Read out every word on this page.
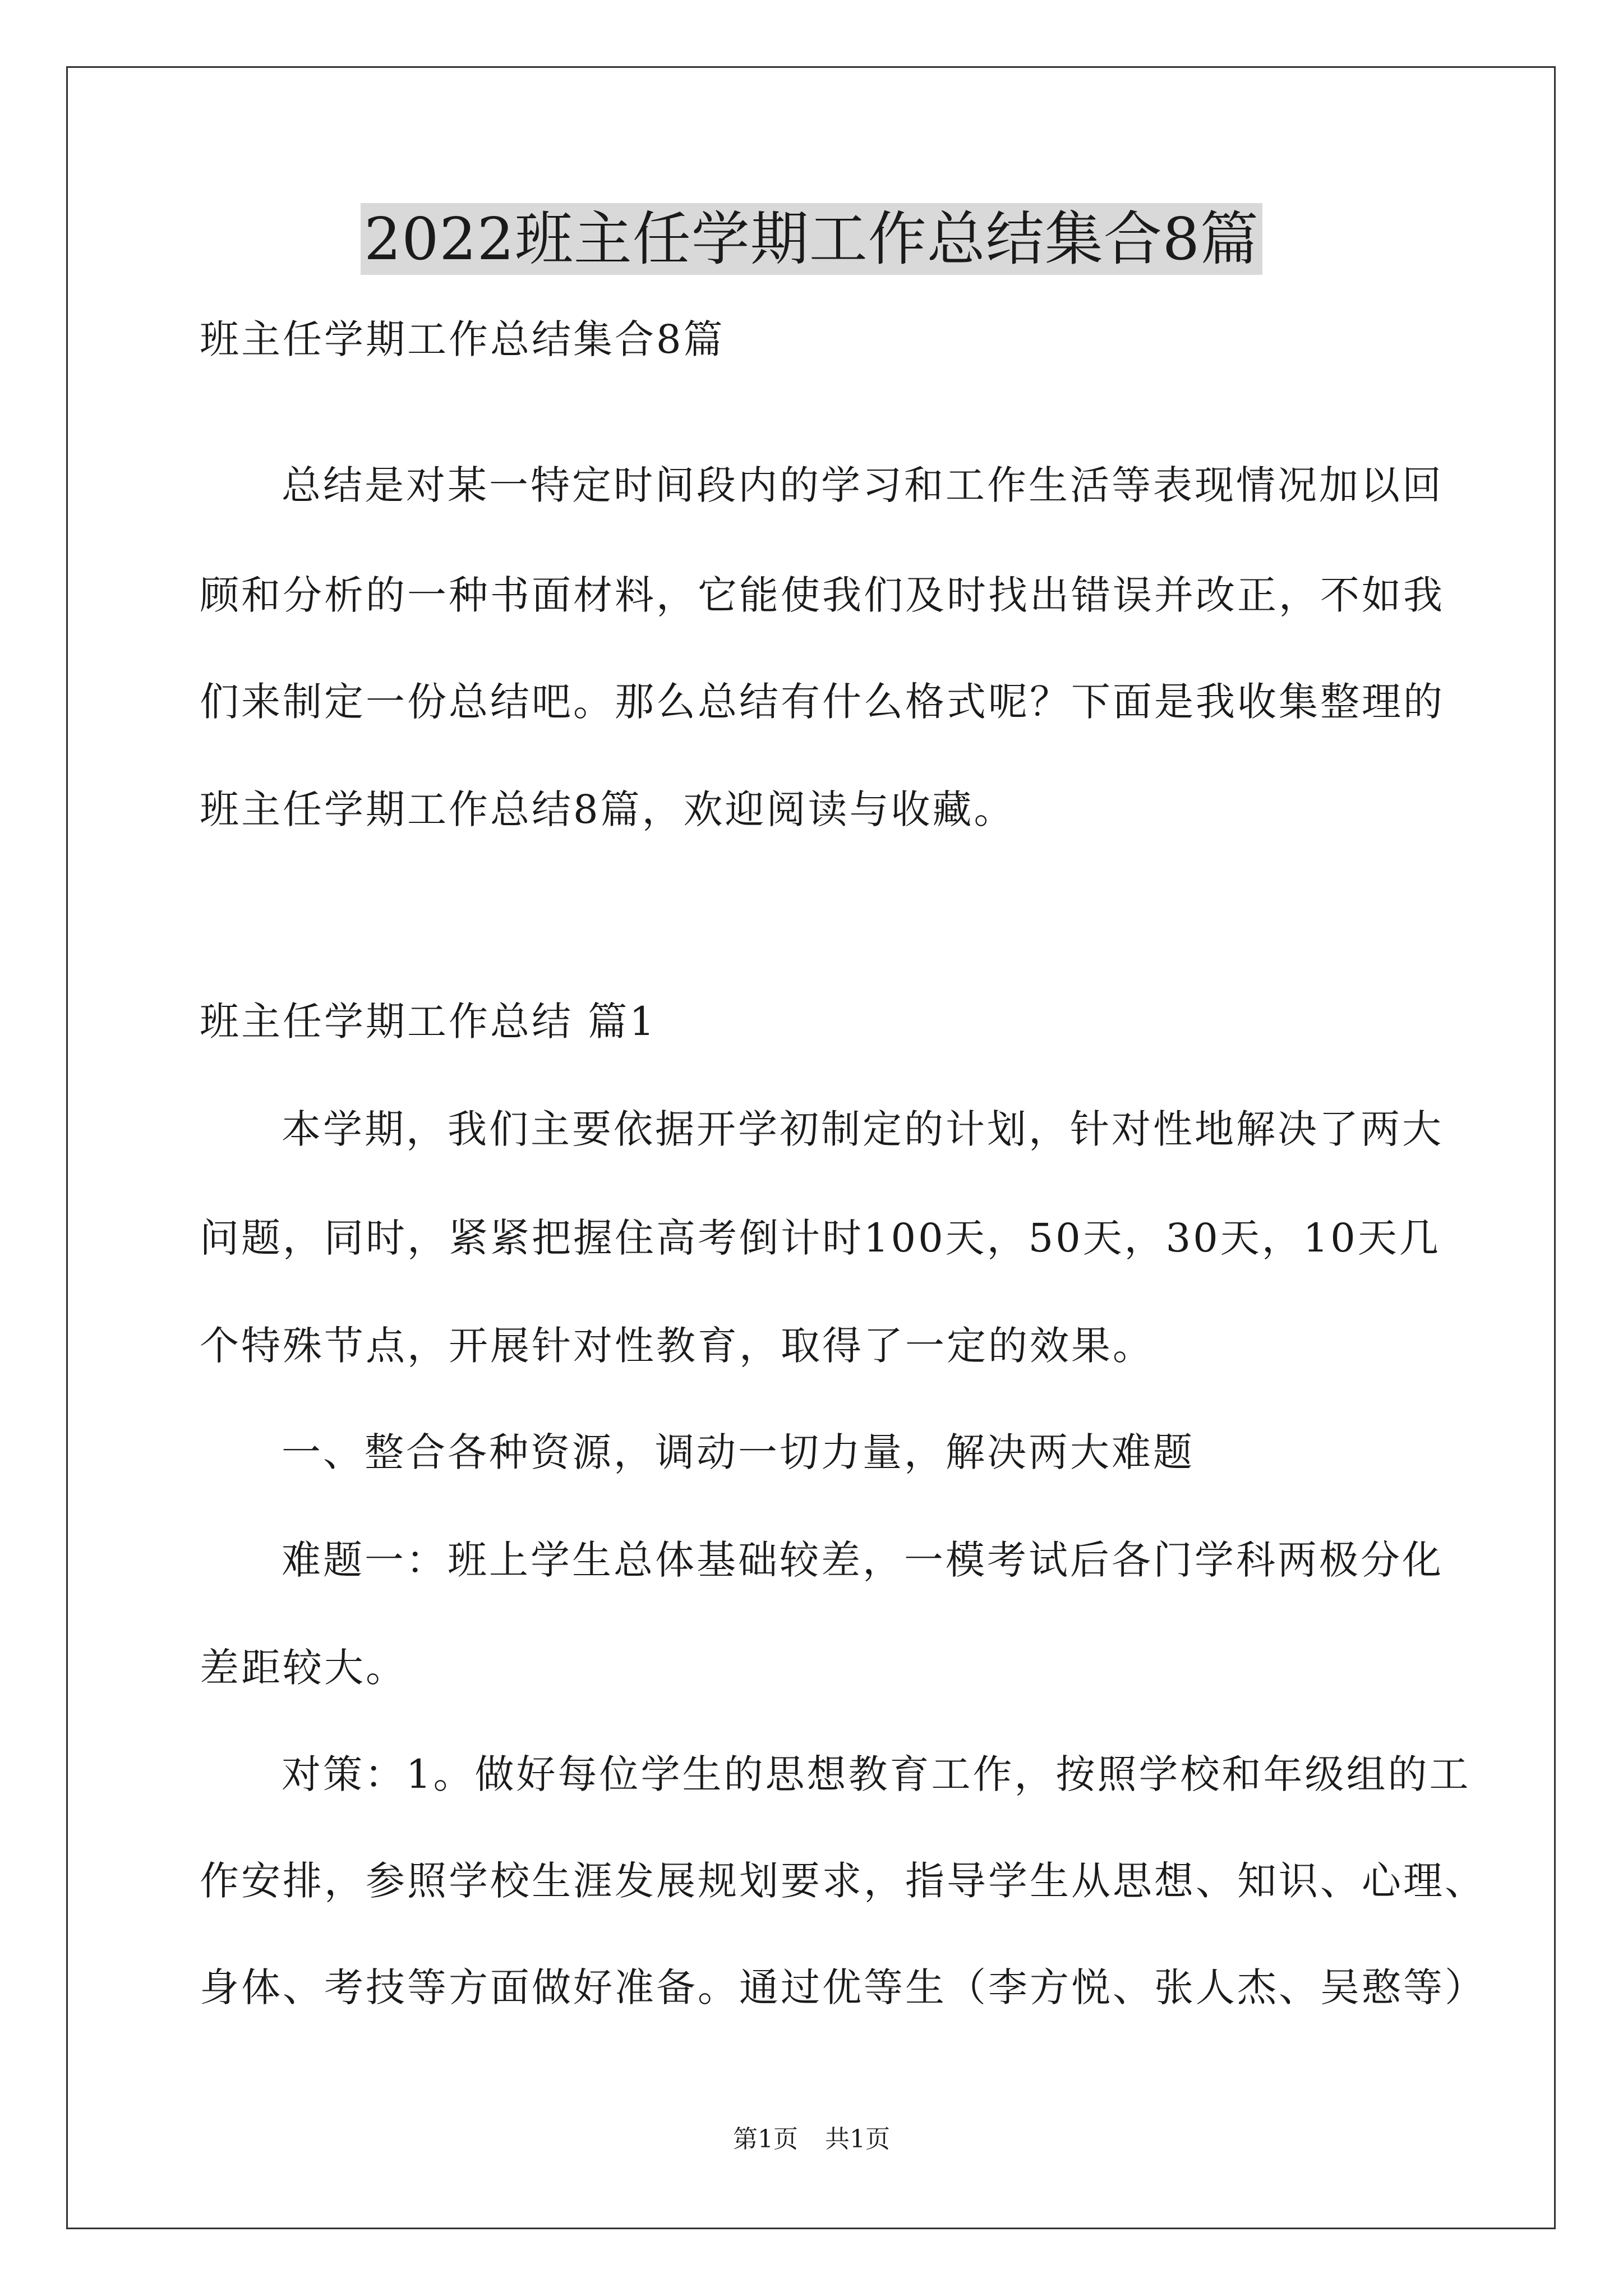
2022班主任学期工作总结集合8篇
班主任学期工作总结集合8篇
总结是对某一特定时间段内的学习和工作生活等表现情况加以回
顾和分析的一种书面材料，它能使我们及时找出错误并改正，不如我
们来制定一份总结吧。那么总结有什么格式呢？下面是我收集整理的
班主任学期工作总结8篇，欢迎阅读与收藏。
班主任学期工作总结 篇1
本学期，我们主要依据开学初制定的计划，针对性地解决了两大
问题，同时，紧紧把握住高考倒计时100天，50天，30天，10天几
个特殊节点，开展针对性教育，取得了一定的效果。
一、整合各种资源，调动一切力量，解决两大难题
难题一：班上学生总体基础较差，一模考试后各门学科两极分化
差距较大。
对策：1。做好每位学生的思想教育工作，按照学校和年级组的工
作安排，参照学校生涯发展规划要求，指导学生从思想、知识、心理、
身体、考技等方面做好准备。通过优等生（李方悦、张人杰、吴憨等）
第1页 共1页
